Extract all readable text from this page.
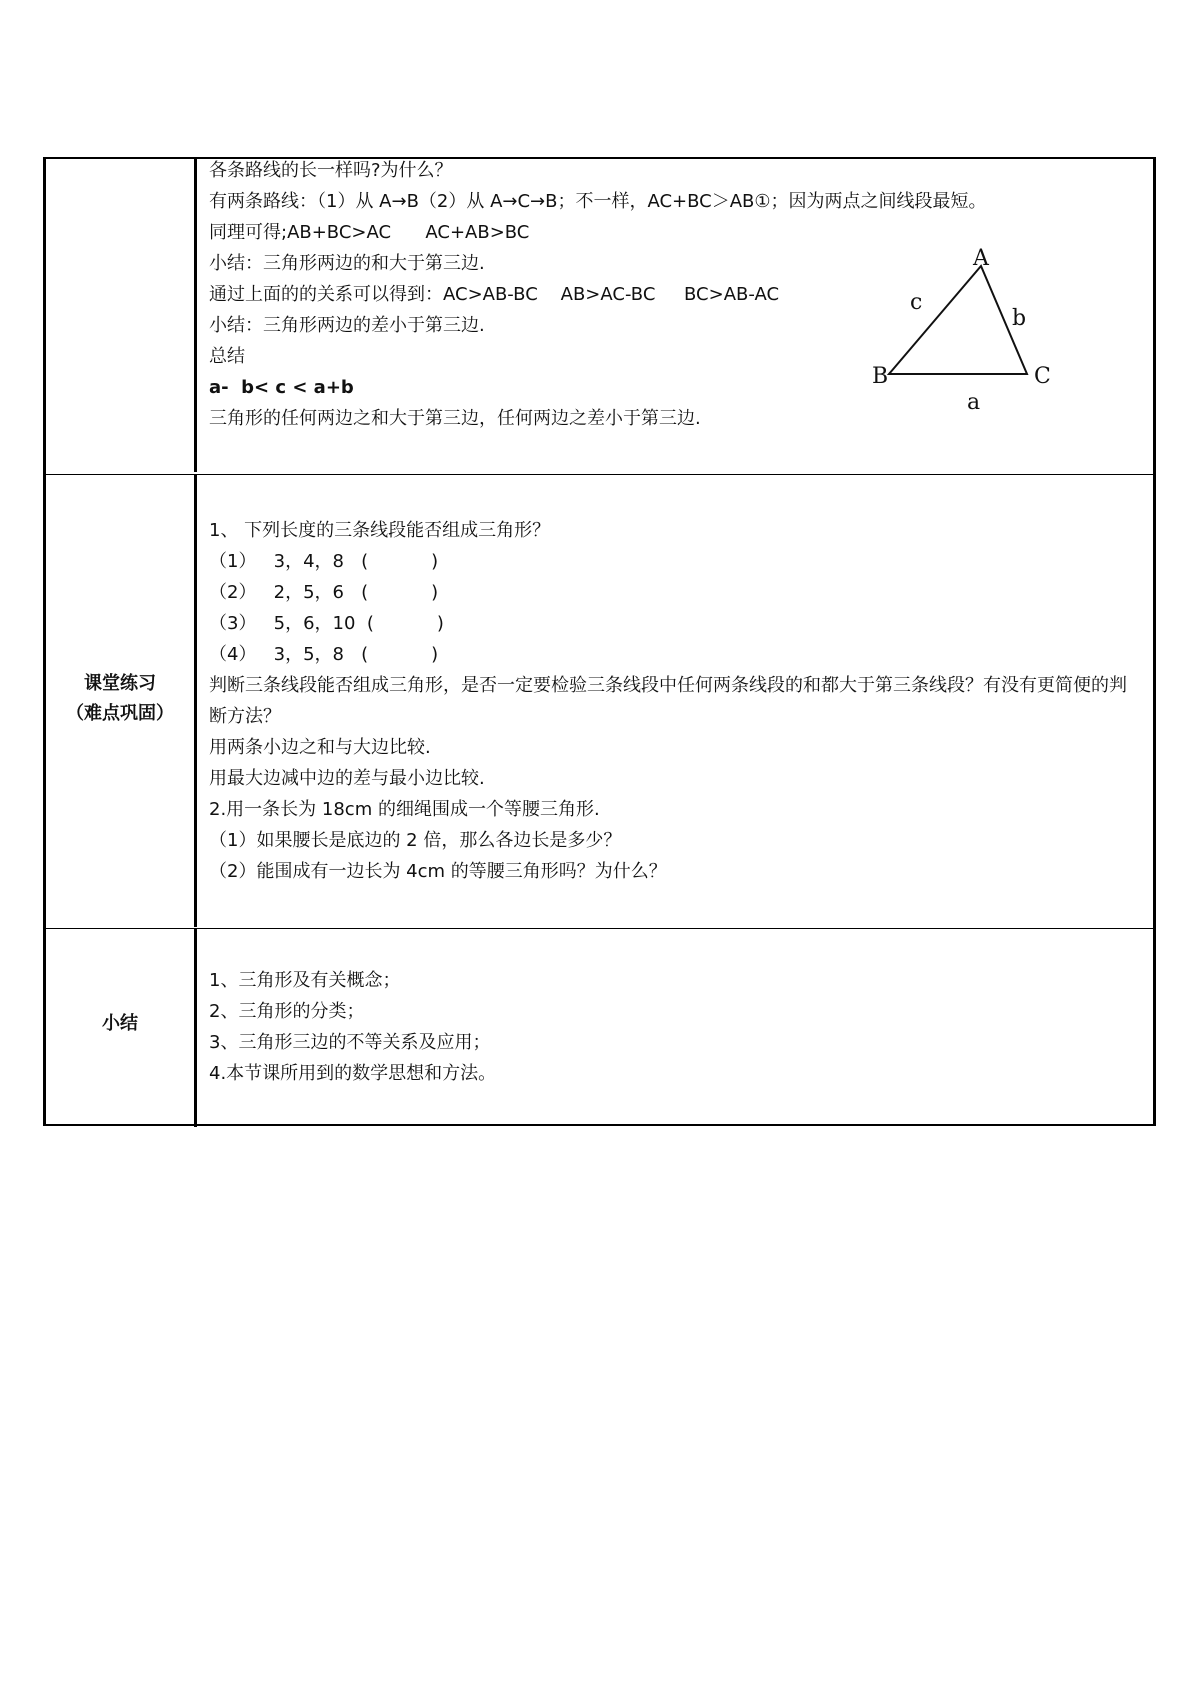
各条路线的长一样吗?为什么？
有两条路线：（1）从 A→B（2）从 A→C→B；不一样，AC+BC＞AB①；因为两点之间线段最短。
同理可得;AB+BC>AC      AC+AB>BC
小结：三角形两边的和大于第三边.
通过上面的的关系可以得到：AC>AB-BC    AB>AC-BC     BC>AB-AC
小结：三角形两边的差小于第三边.
总结
a-  b< c < a+b
三角形的任何两边之和大于第三边，任何两边之差小于第三边.
A
B	C
a
b
c
课堂练习
（难点巩固）
1、 下列长度的三条线段能否组成三角形？
（1）   3，4，8   (           )
（2）   2，5，6   (           )
（3）   5，6，10  (           )
（4）   3，5，8   (           )
判断三条线段能否组成三角形，是否一定要检验三条线段中任何两条线段的和都大于第三条线段？有没有更简便的判断方法？
用两条小边之和与大边比较.
用最大边减中边的差与最小边比较.
2.用一条长为 18cm 的细绳围成一个等腰三角形.
（1）如果腰长是底边的 2 倍，那么各边长是多少？
（2）能围成有一边长为 4cm 的等腰三角形吗？为什么？
小结
1、三角形及有关概念；
2、三角形的分类；
3、三角形三边的不等关系及应用；
4.本节课所用到的数学思想和方法。
